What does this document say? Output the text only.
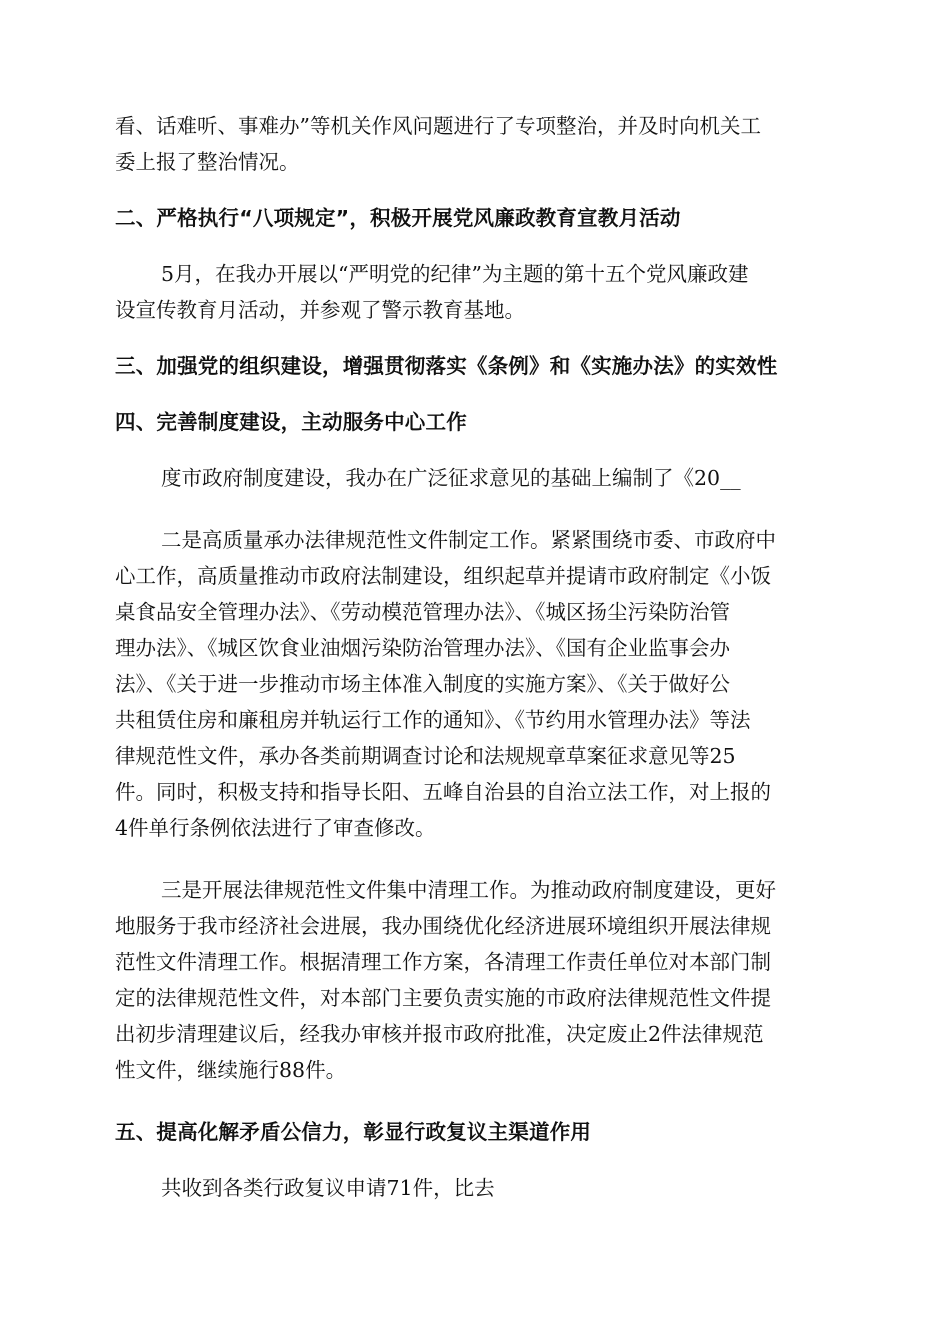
看、话难听、事难办”等机关作风问题进行了专项整治，并及时向机关工
委上报了整治情况。

二、严格执行“八项规定”，积极开展党风廉政教育宣教月活动

5月，在我办开展以“严明党的纪律”为主题的第十五个党风廉政建
设宣传教育月活动，并参观了警示教育基地。

三、加强党的组织建设，增强贯彻落实《条例》和《实施办法》的实效性
四、完善制度建设，主动服务中心工作

度市政府制度建设，我办在广泛征求意见的基础上编制了《20__

二是高质量承办法律规范性文件制定工作。紧紧围绕市委、市政府中
心工作，高质量推动市政府法制建设，组织起草并提请市政府制定《小饭
桌食品安全管理办法》、《劳动模范管理办法》、《城区扬尘污染防治管
理办法》、《城区饮食业油烟污染防治管理办法》、《国有企业监事会办
法》、《关于进一步推动市场主体准入制度的实施方案》、《关于做好公
共租赁住房和廉租房并轨运行工作的通知》、《节约用水管理办法》等法
律规范性文件，承办各类前期调查讨论和法规规章草案征求意见等25
件。同时，积极支持和指导长阳、五峰自治县的自治立法工作，对上报的
4件单行条例依法进行了审查修改。

三是开展法律规范性文件集中清理工作。为推动政府制度建设，更好
地服务于我市经济社会进展，我办围绕优化经济进展环境组织开展法律规
范性文件清理工作。根据清理工作方案，各清理工作责任单位对本部门制
定的法律规范性文件，对本部门主要负责实施的市政府法律规范性文件提
出初步清理建议后，经我办审核并报市政府批准，决定废止2件法律规范
性文件，继续施行88件。

五、提高化解矛盾公信力，彰显行政复议主渠道作用

共收到各类行政复议申请71件，比去
